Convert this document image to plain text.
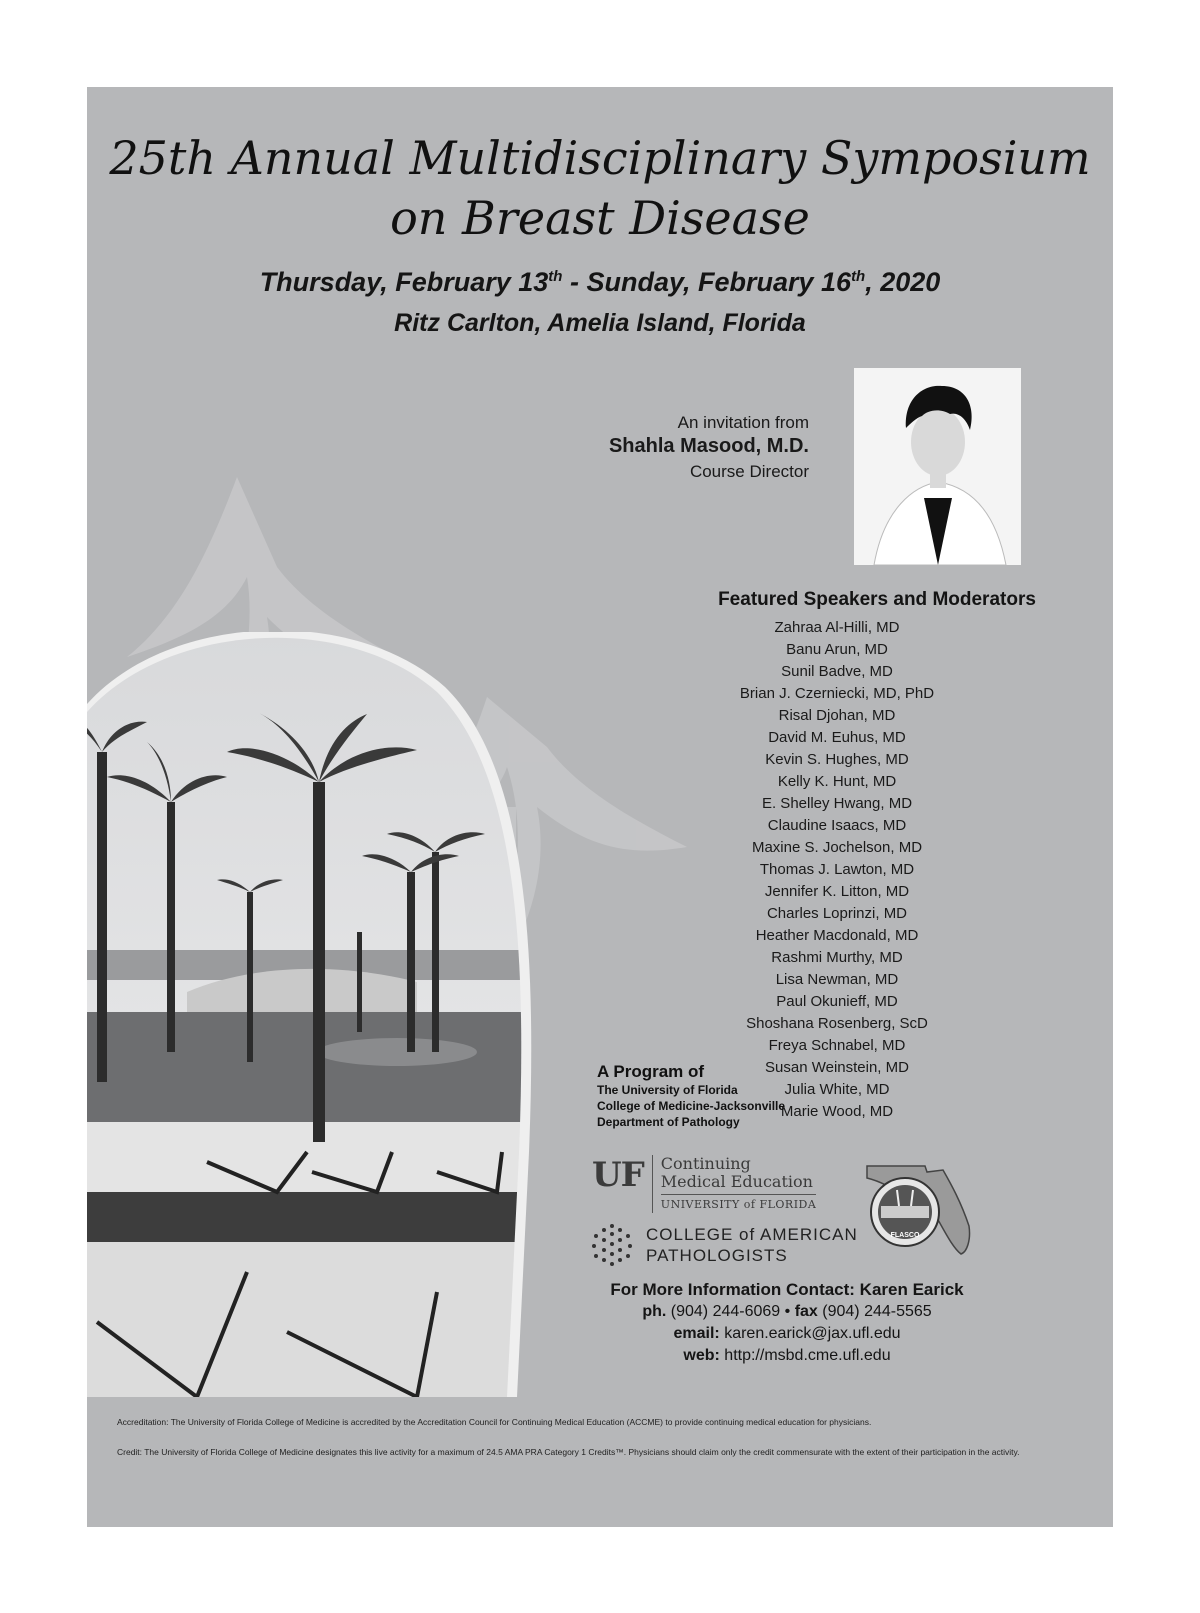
25th Annual Multidisciplinary Symposium
on Breast Disease
Thursday, February 13th - Sunday, February 16th, 2020
Ritz Carlton, Amelia Island, Florida
An invitation from
Shahla Masood, M.D.
Course Director
Featured Speakers and Moderators
Zahraa Al-Hilli, MD
Banu Arun, MD
Sunil Badve, MD
Brian J. Czerniecki, MD, PhD
Risal Djohan, MD
David M. Euhus, MD
Kevin S. Hughes, MD
Kelly K. Hunt, MD
E. Shelley Hwang, MD
Claudine Isaacs, MD
Maxine S. Jochelson, MD
Thomas J. Lawton, MD
Jennifer K. Litton, MD
Charles Loprinzi, MD
Heather Macdonald, MD
Rashmi Murthy, MD
Lisa Newman, MD
Paul Okunieff, MD
Shoshana Rosenberg, ScD
Freya Schnabel, MD
Susan Weinstein, MD
Julia White, MD
Marie Wood, MD
A Program of
The University of Florida
College of Medicine-Jacksonville
Department of Pathology
UF	Continuing
Medical Education
UNIVERSITY of FLORIDA
COLLEGE of AMERICAN
PATHOLOGISTS
FLASCO
For More Information Contact: Karen Earick
ph. (904) 244-6069 • fax (904) 244-5565
email: karen.earick@jax.ufl.edu
web: http://msbd.cme.ufl.edu
Accreditation: The University of Florida College of Medicine is accredited by the Accreditation Council for Continuing Medical Education (ACCME) to provide continuing medical education for physicians.
Credit: The University of Florida College of Medicine designates this live activity for a maximum of 24.5 AMA PRA Category 1 Credits™. Physicians should claim only the credit commensurate with the extent of their participation in the activity.
